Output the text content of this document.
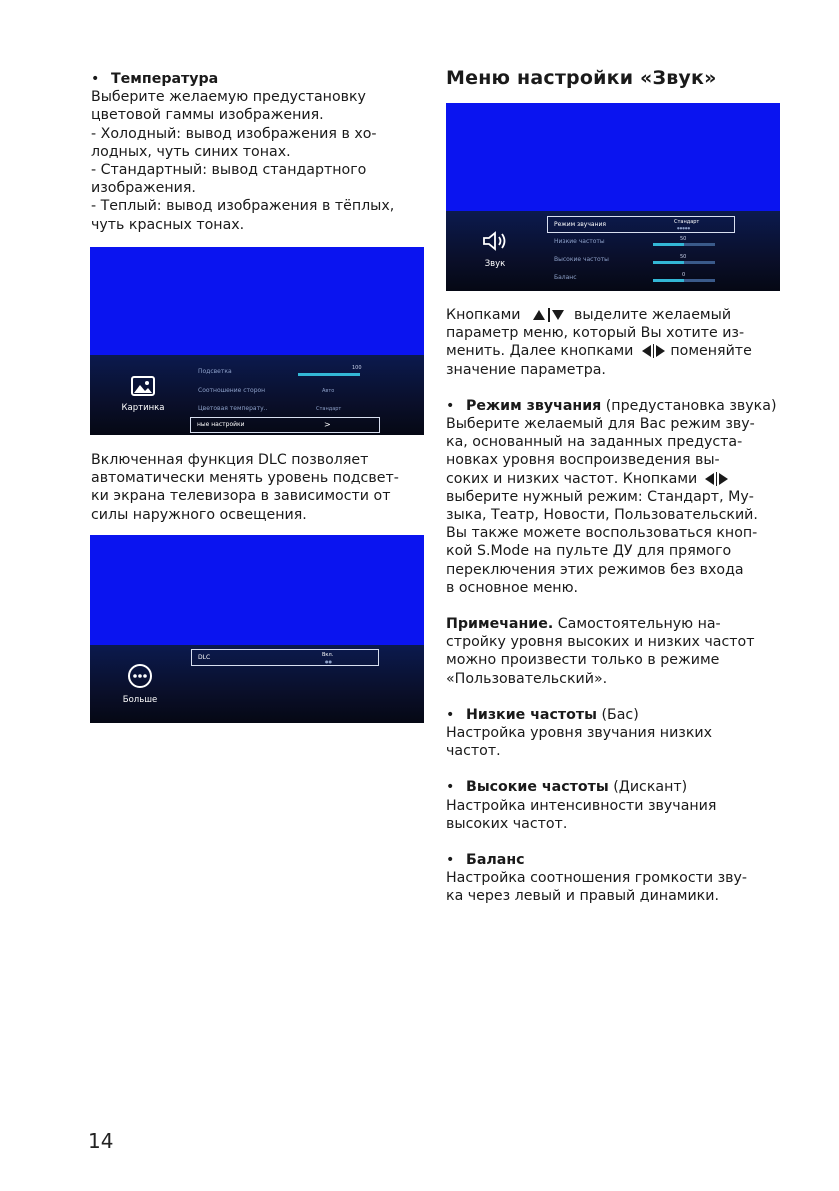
• Температура

Выберите желаемую предустановку

цветовой гаммы изображения.

- Холодный: вывод изображения в хо-

лодных, чуть синих тонах.

- Стандартный: вывод стандартного

изображения.

- Теплый: вывод изображения в тёплых,

чуть красных тонах.

Картинка
Подсветка	100
Соотношение сторон	Авто
Цветовая температу..	Стандарт
ные настройки	>

Включенная функция DLC позволяет

автоматически менять уровень подсвет-

ки экрана телевизора в зависимости от

силы наружного освещения.

Больше
DLC	Вкл.
●●
Меню настройки «Звук»
Звук
Режим звучания	Стандарт
●●●●●
Низкие частоты	50
Высокие частоты	50
Баланс	0

Кнопками	выделите желаемый

параметр меню, который Вы хотите из-

менить. Далее кнопками	поменяйте

значение параметра.

• Режим звучания (предустановка звука)

Выберите желаемый для Вас режим зву-

ка, основанный на заданных предуста-

новках уровня воспроизведения вы-

соких и низких частот. Кнопками

выберите нужный режим: Стандарт, Му-

зыка, Театр, Новости, Пользовательский.

Вы также можете воспользоваться кноп-

кой S.Mode на пульте ДУ для прямого

переключения этих режимов без входа

в основное меню.

Примечание. Самостоятельную на-

стройку уровня высоких и низких частот

можно произвести только в режиме

«Пользовательский».

• Низкие частоты (Бас)

Настройка уровня звучания низких

частот.

• Высокие частоты (Дискант)

Настройка интенсивности звучания

высоких частот.

• Баланс

Настройка соотношения громкости зву-

ка через левый и правый динамики.

14
